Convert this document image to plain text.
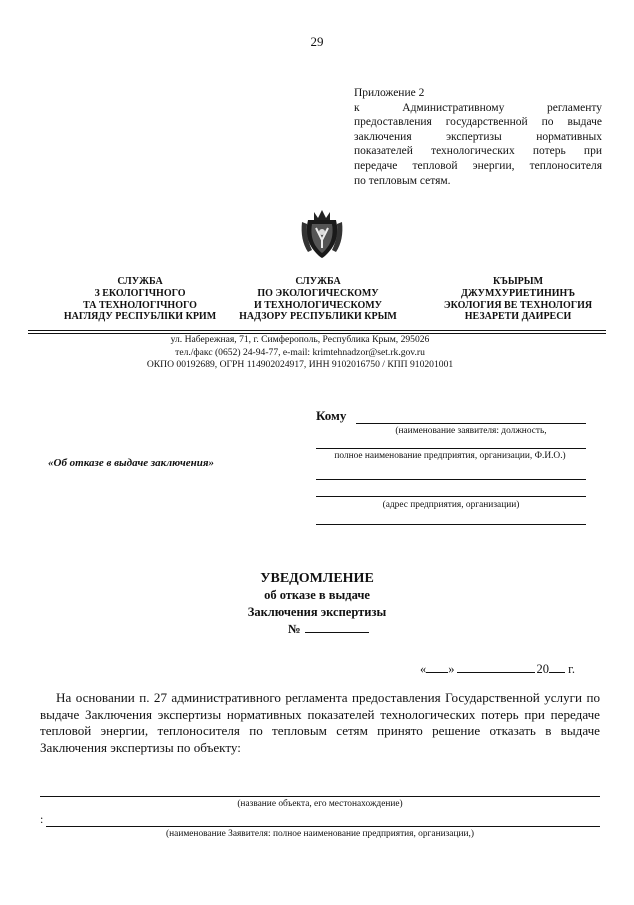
29
Приложение 2
к Административному регламенту
предоставления государственной по выдаче
заключения экспертизы нормативных
показателей технологических потерь при
передаче тепловой энергии, теплоносителя
по тепловым сетям.
СЛУЖБА
З ЕКОЛОГІЧНОГО
ТА ТЕХНОЛОГІЧНОГО
НАГЛЯДУ РЕСПУБЛІКИ КРИМ
СЛУЖБА
ПО ЭКОЛОГИЧЕСКОМУ
И ТЕХНОЛОГИЧЕСКОМУ
НАДЗОРУ РЕСПУБЛИКИ КРЫМ
КЪЫРЫМ
ДЖУМХУРИЕТИНИНЪ
ЭКОЛОГИЯ ВЕ ТЕХНОЛОГИЯ
НЕЗАРЕТИ ДАИРЕСИ
ул. Набережная, 71, г. Симферополь, Республика Крым, 295026
тел./факс (0652) 24-94-77, e-mail: krimtehnadzor@set.rk.gov.ru
ОКПО 00192689, ОГРН 114902024917, ИНН 9102016750 / КПП 910201001
Кому
(наименование заявителя: должность,
полное наименование предприятия, организации, Ф.И.О.)
(адрес предприятия, организации)
«Об отказе в выдаче заключения»
УВЕДОМЛЕНИЕ
об отказе в выдаче
Заключения экспертизы
№
« »	20 г.
На основании п. 27 административного регламента предоставления Государственной услуги по выдаче Заключения экспертизы нормативных показателей технологических потерь при передаче тепловой энергии, теплоносителя по тепловым сетям принято решение отказать в выдаче Заключения экспертизы по объекту:
(название объекта, его местонахождение)
:
(наименование Заявителя: полное наименование предприятия, организации,)
